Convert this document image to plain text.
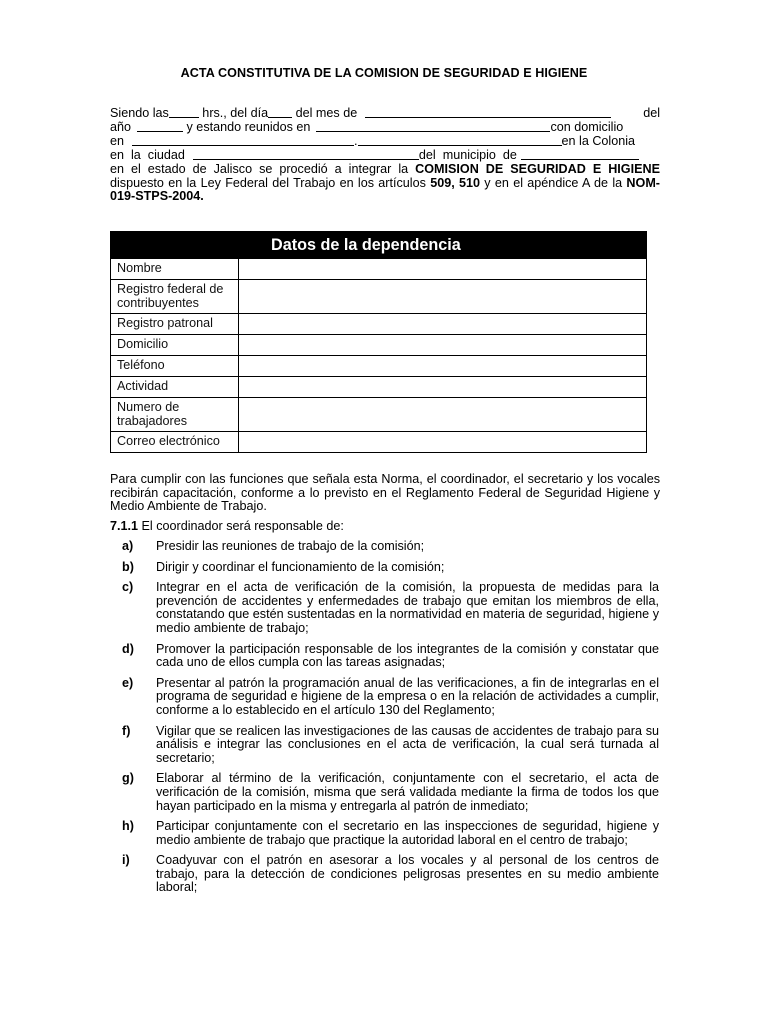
ACTA CONSTITUTIVA DE LA COMISION DE SEGURIDAD E HIGIENE
Siendo las hrs., del día del mes de	del
año	y estando reunidos en	con domicilio
en	.	en la Colonia
en  la  ciudad	del  municipio  de

en el estado de Jalisco se procedió a integrar la COMISION DE SEGURIDAD E HIGIENE dispuesto en la Ley Federal del Trabajo en los artículos 509, 510 y en el apéndice A de la NOM-019-STPS-2004.

Datos de la dependencia	
Nombre	
Registro federal de contribuyentes	
Registro patronal	
Domicilio	
Teléfono	
Actividad	
Numero de trabajadores	
Correo electrónico	

Para cumplir con las funciones que señala esta Norma, el coordinador, el secretario y los vocales recibirán capacitación, conforme a lo previsto en el Reglamento Federal de Seguridad Higiene y Medio Ambiente de Trabajo.

7.1.1 El coordinador será responsable de:
a)	Presidir las reuniones de trabajo de la comisión;
b)	Dirigir y coordinar el funcionamiento de la comisión;
c)	Integrar en el acta de verificación de la comisión, la propuesta de medidas para la prevención de accidentes y enfermedades de trabajo que emitan los miembros de ella, constatando que estén sustentadas en la normatividad en materia de seguridad, higiene y medio ambiente de trabajo;
d)	Promover la participación responsable de los integrantes de la comisión y constatar que cada uno de ellos cumpla con las tareas asignadas;
e)	Presentar al patrón la programación anual de las verificaciones, a fin de integrarlas en el programa de seguridad e higiene de la empresa o en la relación de actividades a cumplir, conforme a lo establecido en el artículo 130 del Reglamento;
f)	Vigilar que se realicen las investigaciones de las causas de accidentes de trabajo para su análisis e integrar las conclusiones en el acta de verificación, la cual será turnada al secretario;
g)	Elaborar al término de la verificación, conjuntamente con el secretario, el acta de verificación de la comisión, misma que será validada mediante la firma de todos los que hayan participado en la misma y entregarla al patrón de inmediato;
h)	Participar conjuntamente con el secretario en las inspecciones de seguridad, higiene y medio ambiente de trabajo que practique la autoridad laboral en el centro de trabajo;
i)	Coadyuvar con el patrón en asesorar a los vocales y al personal de los centros de trabajo, para la detección de condiciones peligrosas presentes en su medio ambiente laboral;
